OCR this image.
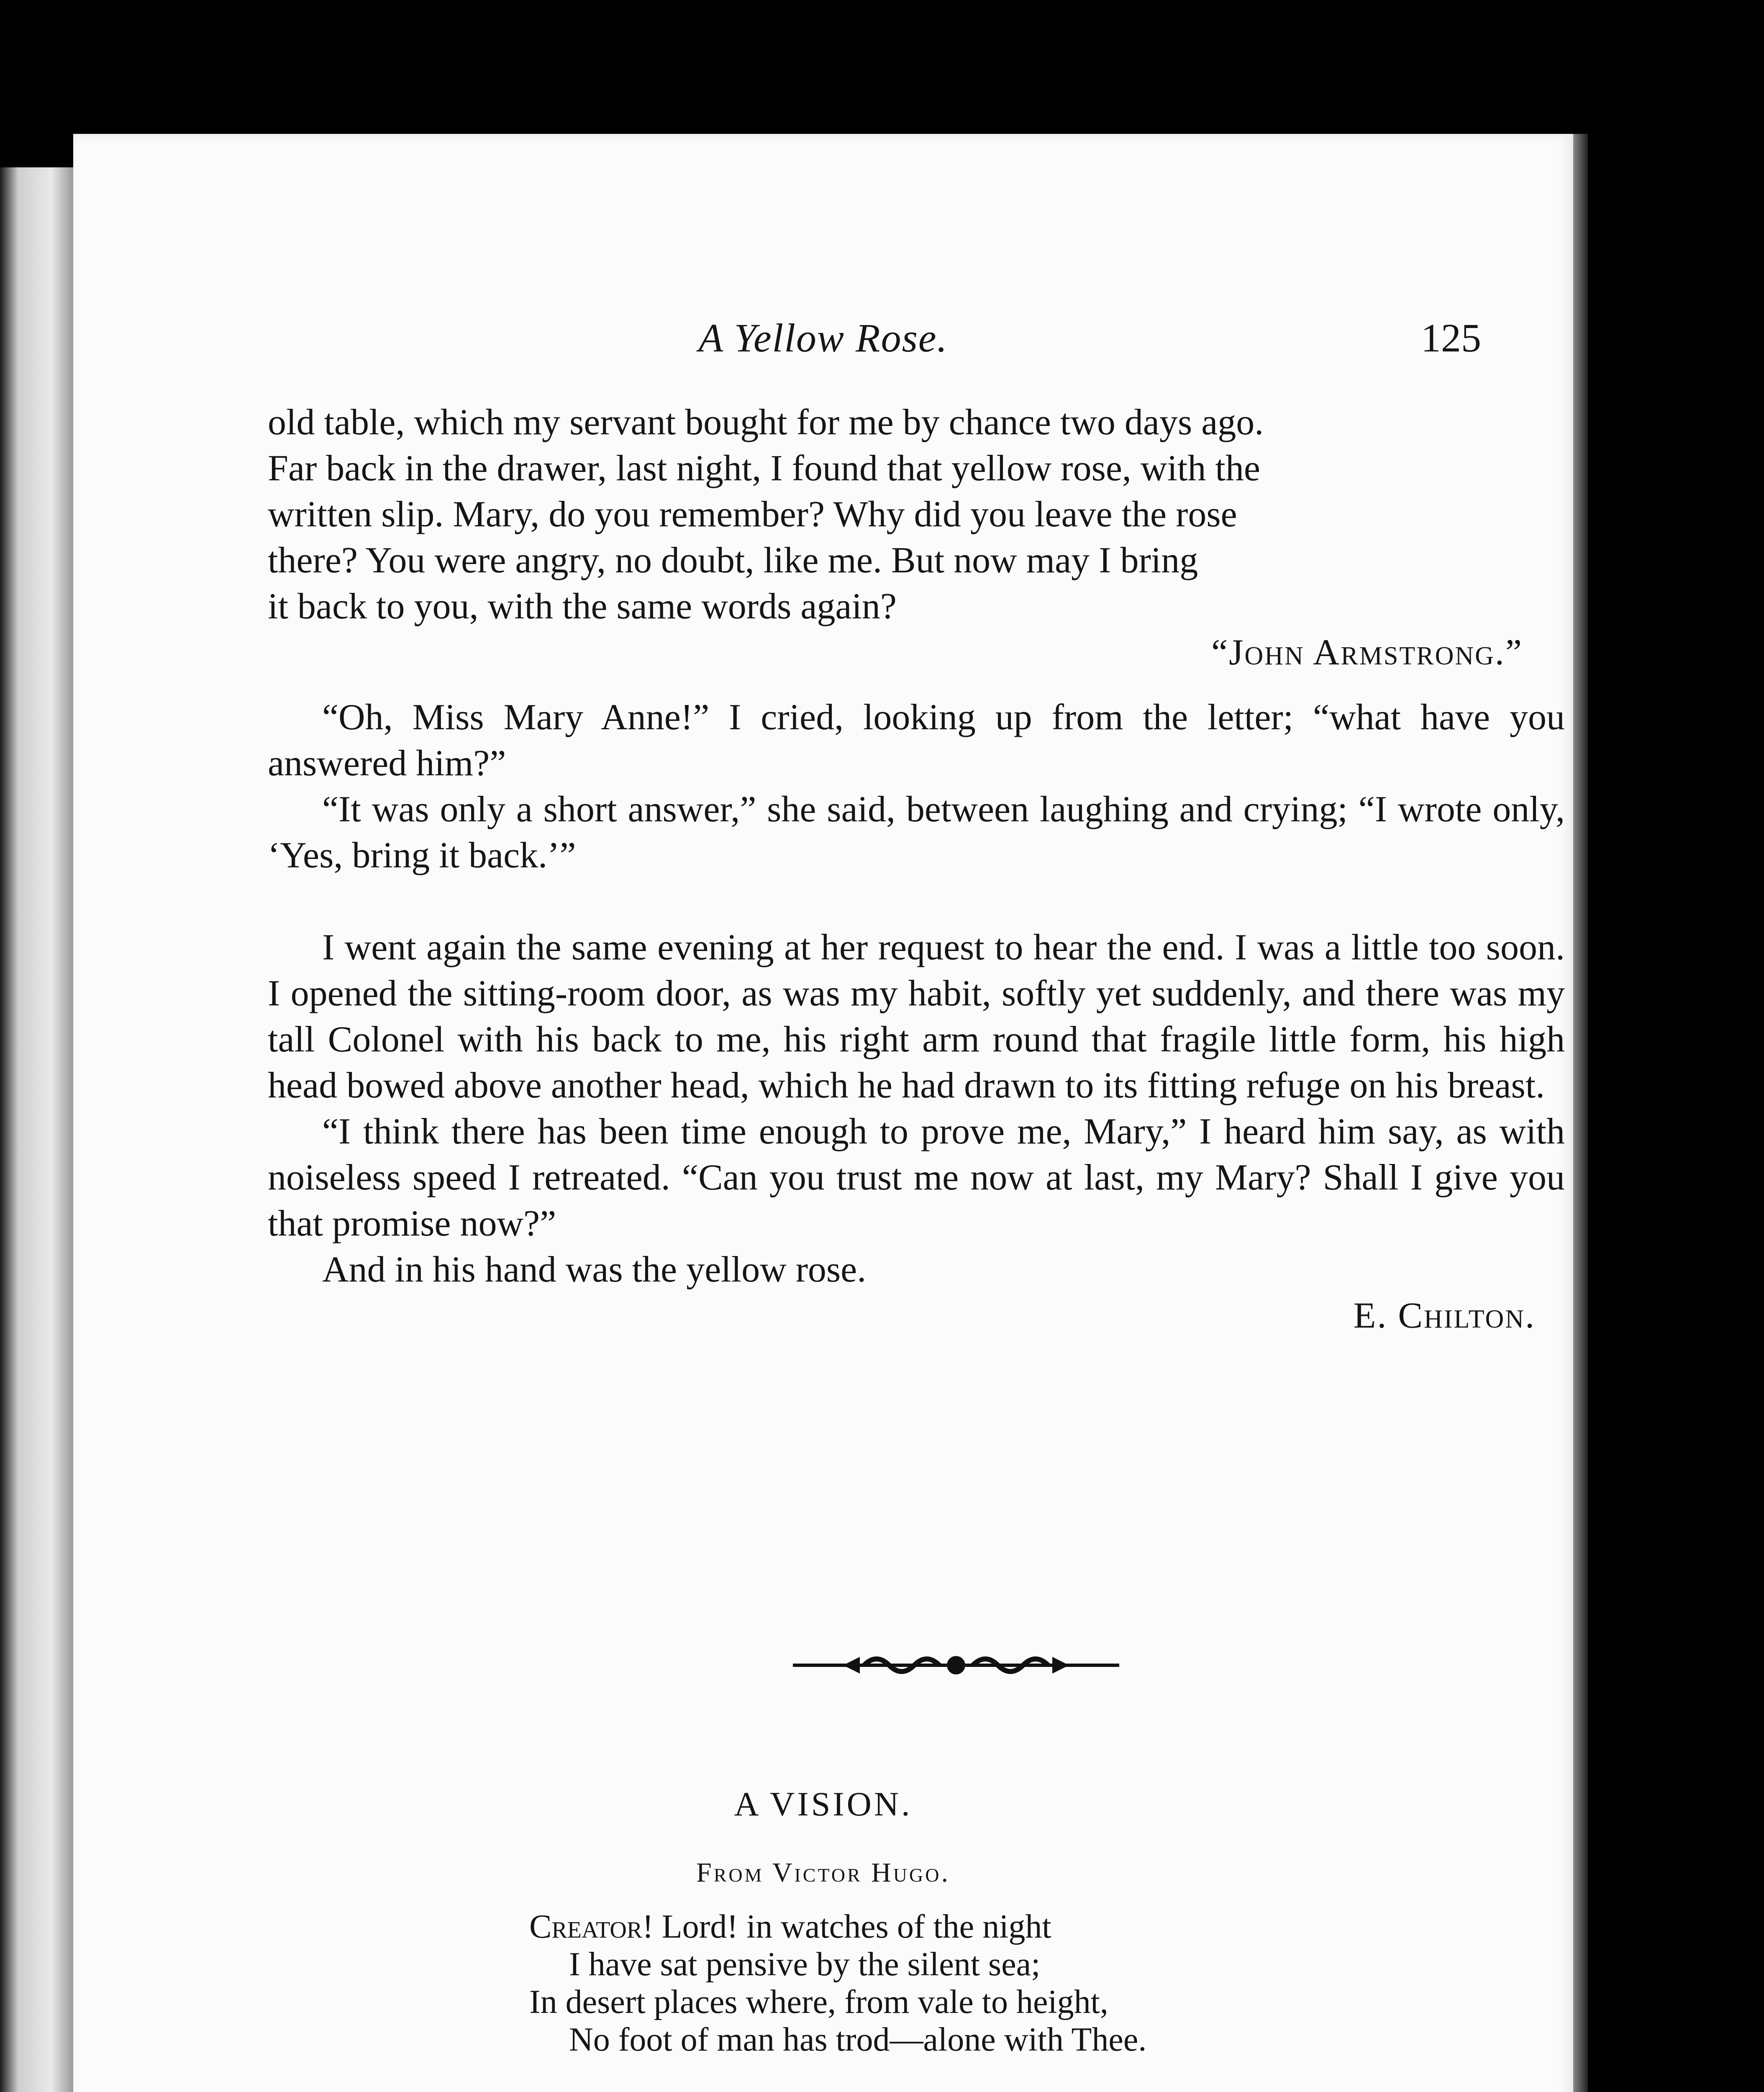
A Yellow Rose.	125

old table, which my servant bought for me by chance two days ago.

Far back in the drawer, last night, I found that yellow rose, with the

written slip. Mary, do you remember? Why did you leave the rose

there? You were angry, no doubt, like me. But now may I bring

it back to you, with the same words again?

“John Armstrong.”

“Oh, Miss Mary Anne!” I cried, looking up from the letter; “what have you answered him?”

“It was only a short answer,” she said, between laughing and crying; “I wrote only, ‘Yes, bring it back.’”

I went again the same evening at her request to hear the end. I was a little too soon. I opened the sitting-room door, as was my habit, softly yet suddenly, and there was my tall Colonel with his back to me, his right arm round that fragile little form, his high head bowed above another head, which he had drawn to its fitting refuge on his breast.

“I think there has been time enough to prove me, Mary,” I heard him say, as with noiseless speed I retreated. “Can you trust me now at last, my Mary? Shall I give you that promise now?”

And in his hand was the yellow rose.

E. Chilton.

A VISION.
From Victor Hugo.
Creator! Lord! in watches of the night
I have sat pensive by the silent sea;
In desert places where, from vale to height,
No foot of man has trod—alone with Thee.
